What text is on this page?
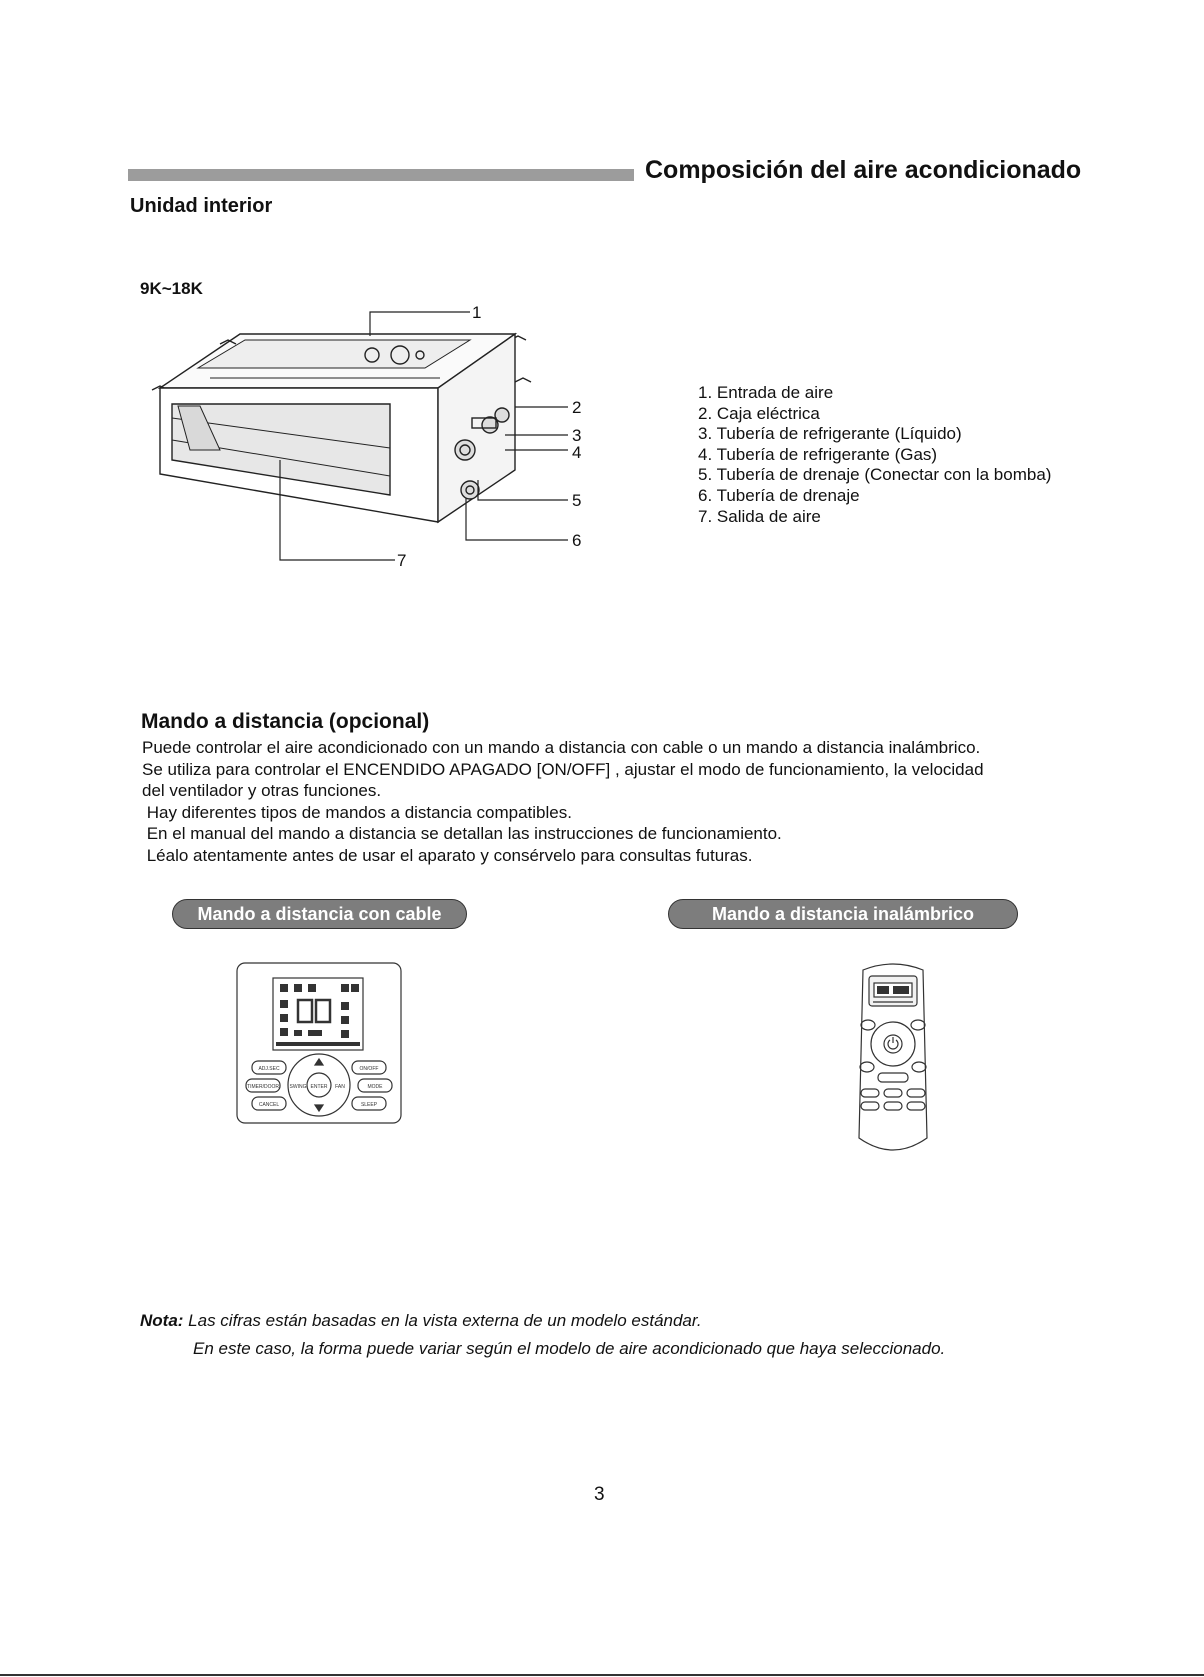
Composición del aire acondicionado
Unidad interior
9K~18K
1
2
3
4
5
6
7
1. Entrada de aire
2. Caja eléctrica
3. Tubería de refrigerante (Líquido)
4. Tubería de refrigerante (Gas)
5. Tubería de drenaje (Conectar con la bomba)
6. Tubería de drenaje
7. Salida de aire
Mando a distancia (opcional)

Puede controlar el aire acondicionado con un mando a distancia con cable o un mando a distancia inalámbrico.

Se utiliza para controlar el ENCENDIDO APAGADO [ON/OFF] , ajustar el modo de funcionamiento, la velocidad

del ventilador y otras funciones.

Hay diferentes tipos de mandos a distancia compatibles.

En el manual del mando a distancia se detallan las instrucciones de funcionamiento.

Léalo atentamente antes de usar el aparato y consérvelo para consultas futuras.

Mando a distancia con cable	Mando a distancia inalámbrico
ADJ.SEC	ON/OFF
TIMER/DOOR SWING ENTER FAN	MODE
CANCEL	SLEEP
Nota: Las cifras están basadas en la vista externa de un modelo estándar.
En este caso, la forma puede variar según el modelo de aire acondicionado que haya seleccionado.
3
